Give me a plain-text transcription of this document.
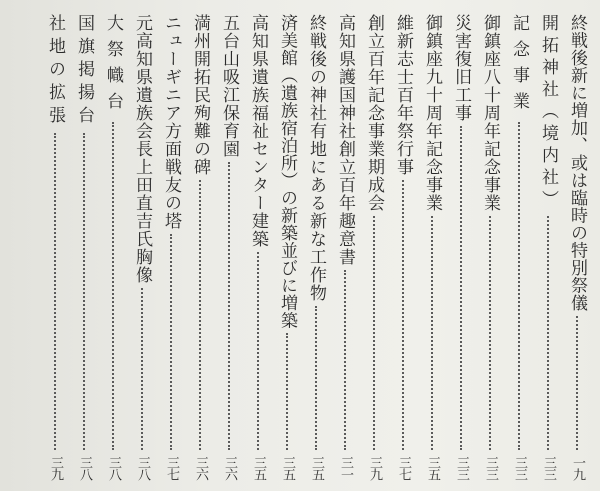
終戦後新に増加、或は臨時の特別祭儀
一九
開拓神社（境内社）
三三
記念事業
三三
御鎮座八十周年記念事業
三三
災害復旧工事
三三
御鎮座九十周年記念事業
三五
維新志士百年祭行事
三七
創立百年記念事業期成会
三九
高知県護国神社創立百年趣意書
三一
終戦後の神社有地にある新な工作物
三五
済美館（遺族宿泊所）の新築並びに増築
三五
高知県遺族福祉センター建築
三五
五台山吸江保育園
三六
満州開拓民殉難の碑
三六
ニューギニア方面戦友の塔
三七
元高知県遺族会長上田直吉氏胸像
三八
大祭幟台
三八
国旗掲揚台
三八
社地の拡張
三九
